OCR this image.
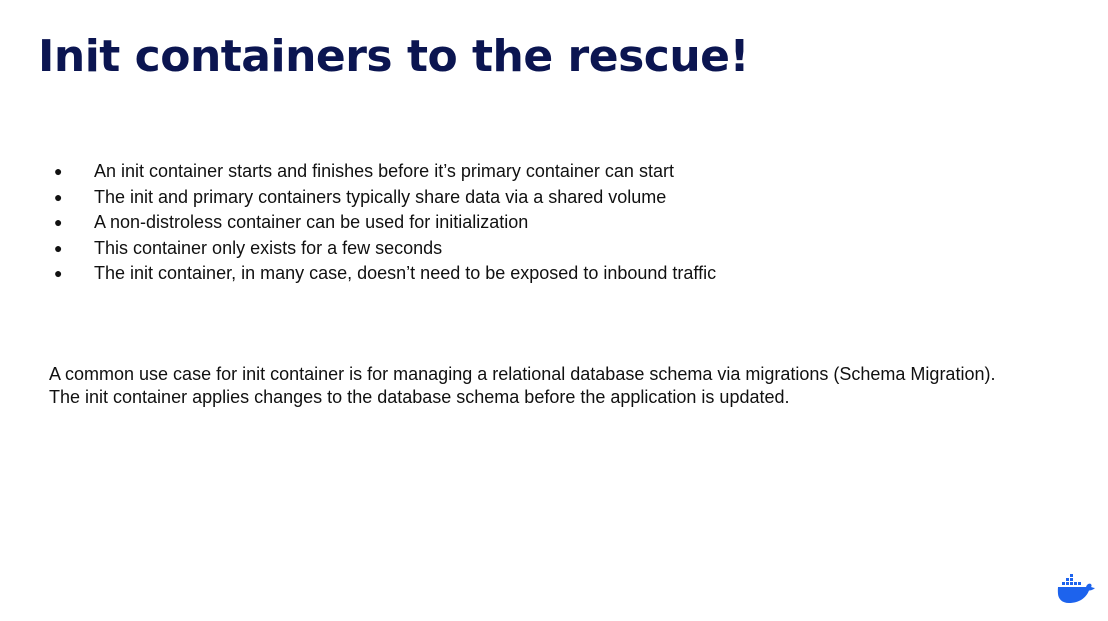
Init containers to the rescue!
● An init container starts and finishes before it’s primary container can start
● The init and primary containers typically share data via a shared volume
● A non-distroless container can be used for initialization
● This container only exists for a few seconds
● The init container, in many case, doesn’t need to be exposed to inbound traffic

A common use case for init container is for managing a relational database schema via migrations (Schema Migration).
The init container applies changes to the database schema before the application is updated.
